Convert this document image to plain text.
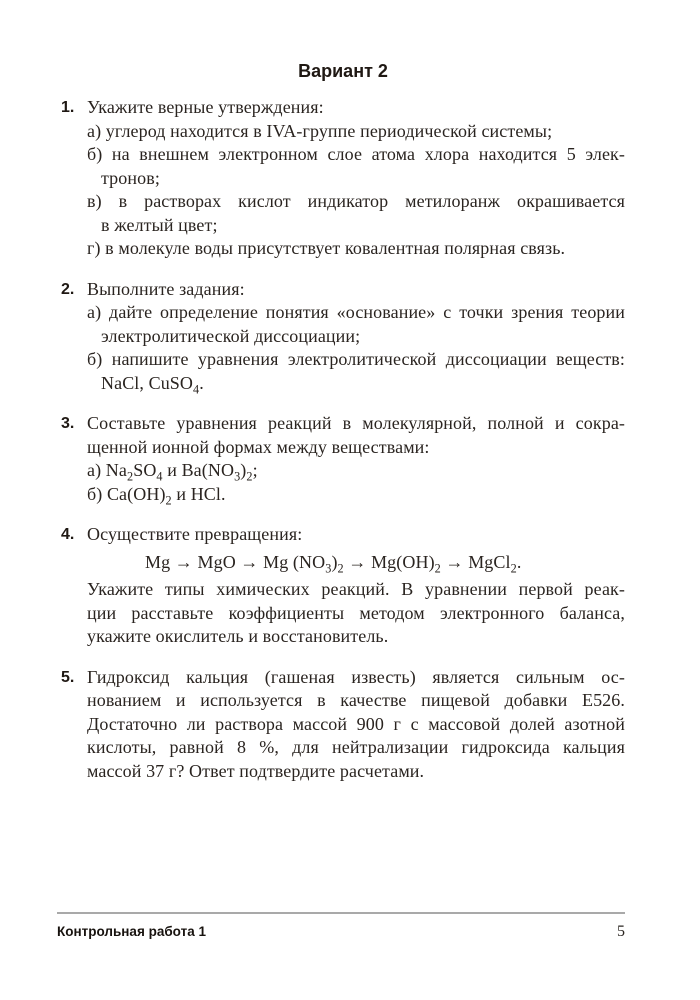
Вариант 2
1. Укажите верные утверждения:
а) углерод находится в IVA-группе периодической системы;
б) на внешнем электронном слое атома хлора находится 5 элек-
тронов;
в) в растворах кислот индикатор метилоранж окрашивается
в желтый цвет;
г) в молекуле воды присутствует ковалентная полярная связь.
2. Выполните задания:
а) дайте определение понятия «основание» с точки зрения теории
электролитической диссоциации;
б) напишите уравнения электролитической диссоциации веществ:
NaCl, CuSO$_4$.
3. Составьте уравнения реакций в молекулярной, полной и сокра-
щенной ионной формах между веществами:
а) $Na_2SO_4$ и $Ba(NO_3)_2$;
б) $Ca(OH)_2$ и HCl.
4. Осуществите превращения:
Mg → MgO → Mg $(NO_3)_2 \to Mg(OH)_2$ → MgCl$_2$.
Укажите типы химических реакций. В уравнении первой реак-
ции расставьте коэффициенты методом электронного баланса,
укажите окислитель и восстановитель.
5. Гидроксид кальция (гашеная известь) является сильным ос-
нованием и используется в качестве пищевой добавки Е526.
Достаточно ли раствора массой 900 г с массовой долей азотной
кислоты, равной 8 %, для нейтрализации гидроксида кальция
массой 37 г? Ответ подтвердите расчетами.
Контрольная работа 1	5
